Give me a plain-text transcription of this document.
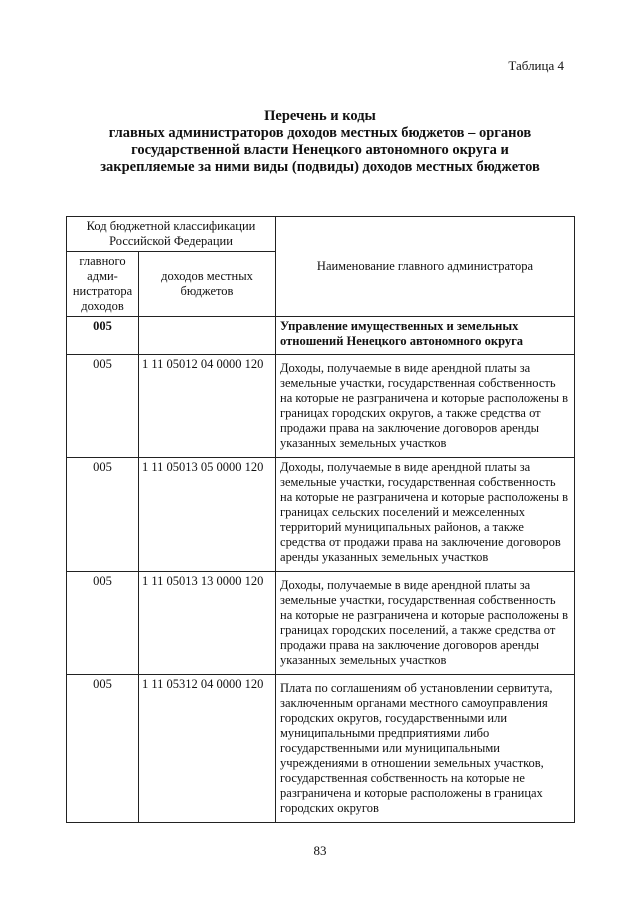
Таблица 4
Перечень и коды
главных администраторов доходов местных бюджетов – органов
государственной власти Ненецкого автономного округа и
закрепляемые за ними виды (подвиды) доходов местных бюджетов
Код бюджетной классификации Российской Федерации		Наименование главного администратора
главного адми-нистратора доходов	доходов местных бюджетов	
005		Управление имущественных и земельных отношений Ненецкого автономного округа
005	1 11 05012 04 0000 120	Доходы, получаемые в виде арендной платы за земельные участки, государственная собственность на которые не разграничена и которые расположены в границах городских округов, а также средства от продажи права на заключение договоров аренды указанных земельных участков
005	1 11 05013 05 0000 120	Доходы, получаемые в виде арендной платы за земельные участки, государственная собственность на которые не разграничена и которые расположены в границах сельских поселений и межселенных территорий муниципальных районов, а также средства от продажи права на заключение договоров аренды указанных земельных участков
005	1 11 05013 13 0000 120	Доходы, получаемые в виде арендной платы за земельные участки, государственная собственность на которые не разграничена и которые расположены в границах городских поселений, а также средства от продажи права на заключение договоров аренды указанных земельных участков
005	1 11 05312 04 0000 120	Плата по соглашениям об установлении сервитута, заключенным органами местного самоуправления городских округов, государственными или муниципальными предприятиями либо государственными или муниципальными учреждениями в отношении земельных участков, государственная собственность на которые не разграничена и которые расположены в границах городских округов
83
